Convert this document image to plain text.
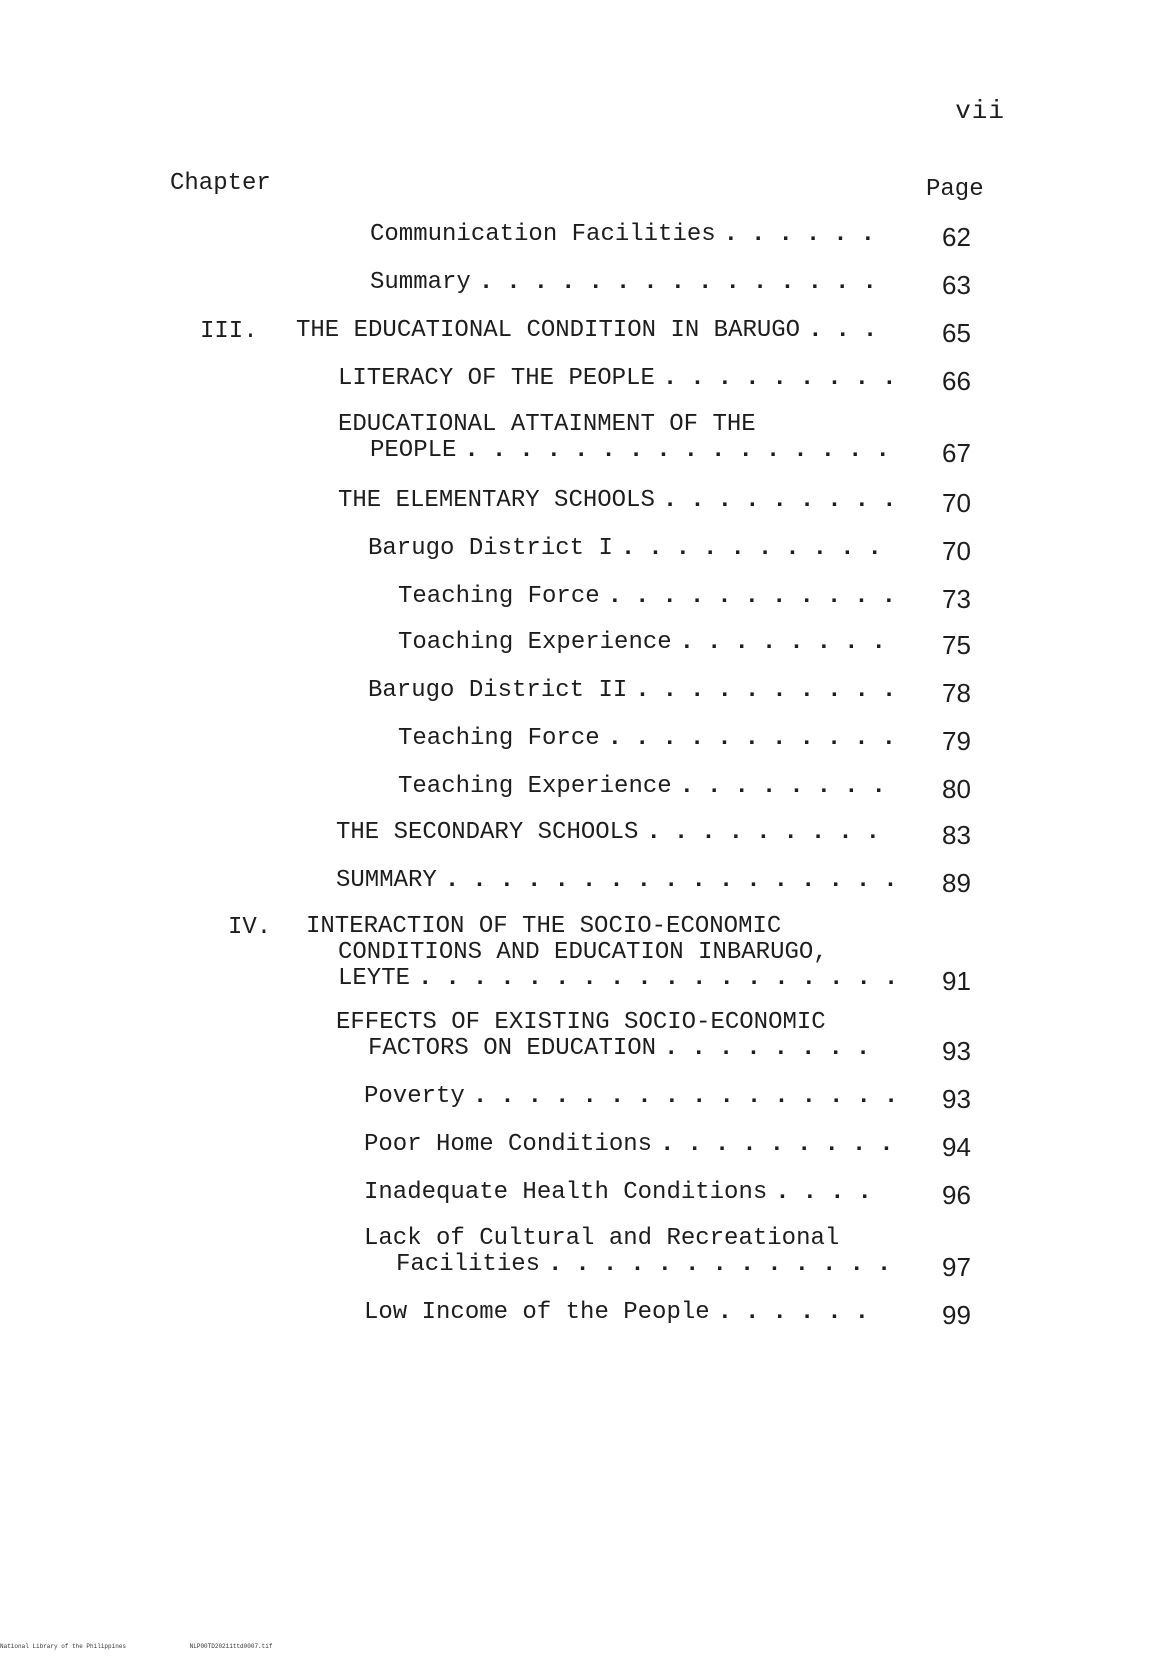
vii
Chapter	Page
Communication Facilities ...... 62
Summary ............... 63
III. THE EDUCATIONAL CONDITION IN BARUGO ... 65
LITERACY OF THE PEOPLE ......... 66
EDUCATIONAL ATTAINMENT OF THE
PEOPLE ................ 67
THE ELEMENTARY SCHOOLS ......... 70
Barugo District I .......... 70
Teaching Force ........... 73
Toaching Experience ........ 75
Barugo District II .......... 78
Teaching Force ........... 79
Teaching Experience ........ 80
THE SECONDARY SCHOOLS ......... 83
SUMMARY ................. 89
IV. INTERACTION OF THE SOCIO-ECONOMIC
CONDITIONS AND EDUCATION INBARUGO,
LEYTE .................. 91
EFFECTS OF EXISTING SOCIO-ECONOMIC
FACTORS ON EDUCATION ........ 93
Poverty ................ 93
Poor Home Conditions ......... 94
Inadequate Health Conditions .... 96
Lack of Cultural and Recreational
Facilities ............. 97
Low Income of the People ...... 99
National Library of the Philippines	NLP00TD20211ttd0007.tif
